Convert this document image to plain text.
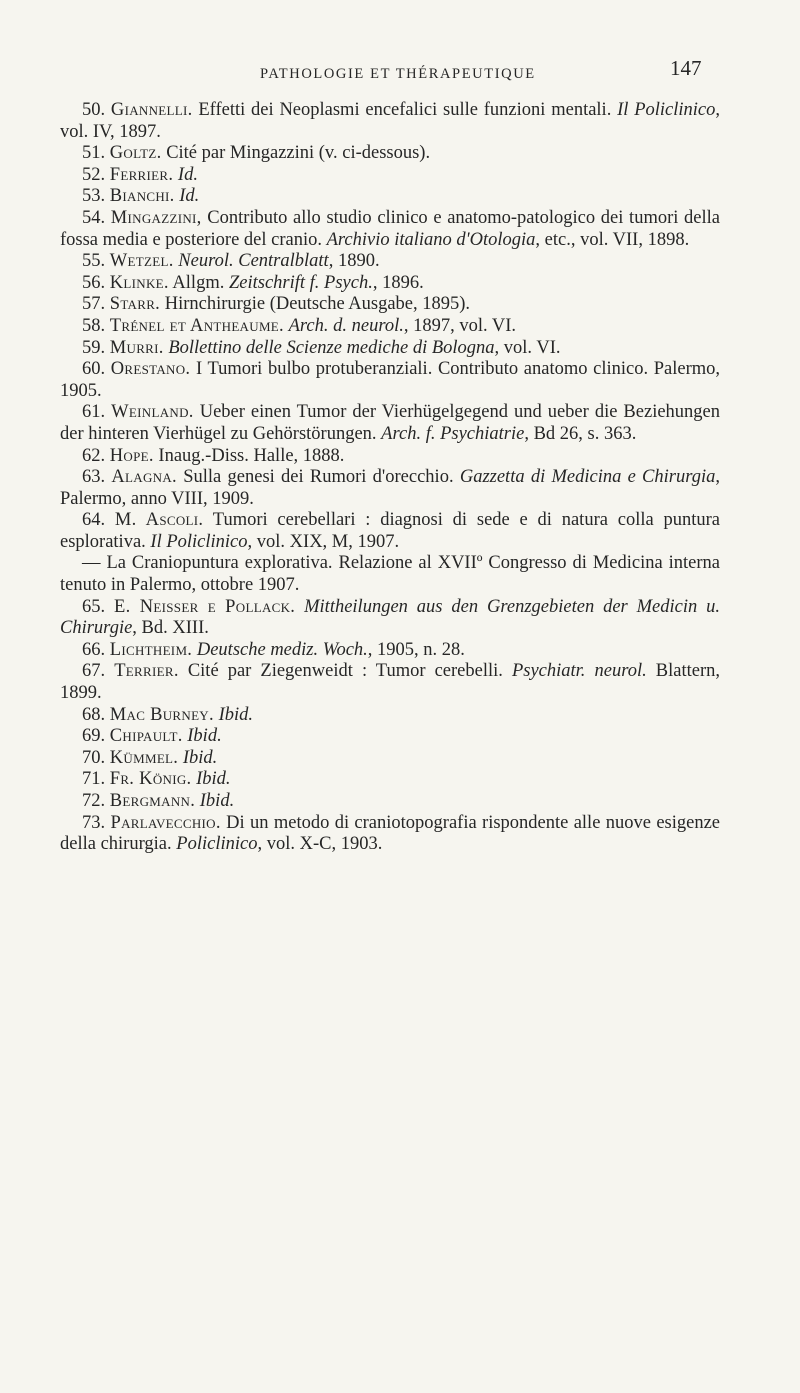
PATHOLOGIE ET THÉRAPEUTIQUE	147

50. Giannelli. Effetti dei Neoplasmi encefalici sulle funzioni mentali. Il Policlinico, vol. IV, 1897.

51. Goltz. Cité par Mingazzini (v. ci-dessous).

52. Ferrier. Id.

53. Bianchi. Id.

54. Mingazzini, Contributo allo studio clinico e anatomo-patologico dei tumori della fossa media e posteriore del cranio. Archivio italiano d'Otologia, etc., vol. VII, 1898.

55. Wetzel. Neurol. Centralblatt, 1890.

56. Klinke. Allgm. Zeitschrift f. Psych., 1896.

57. Starr. Hirnchirurgie (Deutsche Ausgabe, 1895).

58. Trénel et Antheaume. Arch. d. neurol., 1897, vol. VI.

59. Murri. Bollettino delle Scienze mediche di Bologna, vol. VI.

60. Orestano. I Tumori bulbo protuberanziali. Contributo anatomo clinico. Palermo, 1905.

61. Weinland. Ueber einen Tumor der Vierhügelgegend und ueber die Beziehungen der hinteren Vierhügel zu Gehörstörungen. Arch. f. Psychiatrie, Bd 26, s. 363.

62. Hope. Inaug.-Diss. Halle, 1888.

63. Alagna. Sulla genesi dei Rumori d'orecchio. Gazzetta di Medicina e Chirurgia, Palermo, anno VIII, 1909.

64. M. Ascoli. Tumori cerebellari : diagnosi di sede e di natura colla puntura esplorativa. Il Policlinico, vol. XIX, M, 1907.

— La Craniopuntura explorativa. Relazione al XVIIº Congresso di Medicina interna tenuto in Palermo, ottobre 1907.

65. E. Neisser e Pollack. Mittheilungen aus den Grenzgebieten der Medicin u. Chirurgie, Bd. XIII.

66. Lichtheim. Deutsche mediz. Woch., 1905, n. 28.

67. Terrier. Cité par Ziegenweidt : Tumor cerebelli. Psychiatr. neurol. Blattern, 1899.

68. Mac Burney. Ibid.

69. Chipault. Ibid.

70. Kümmel. Ibid.

71. Fr. König. Ibid.

72. Bergmann. Ibid.

73. Parlavecchio. Di un metodo di craniotopografia rispondente alle nuove esigenze della chirurgia. Policlinico, vol. X-C, 1903.
